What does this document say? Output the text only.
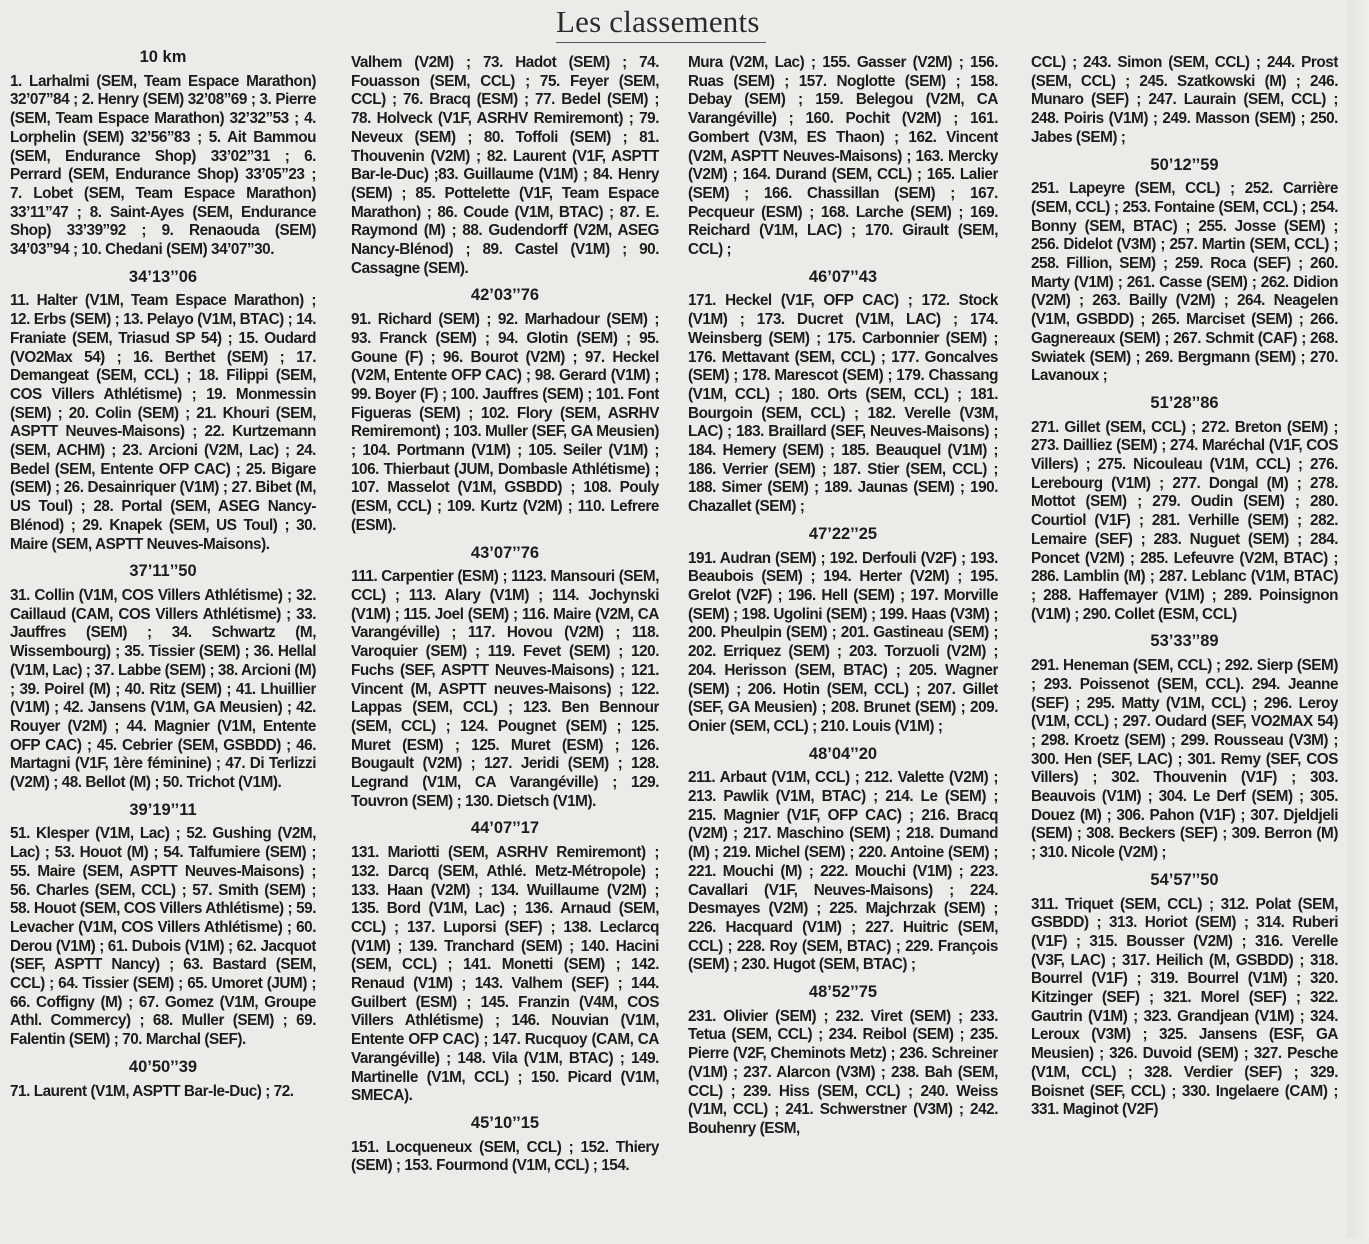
Les classements
10 km

1. Larhalmi (SEM, Team Espace Marathon) 32’07’’84 ; 2. Henry (SEM) 32’08’’69 ; 3. Pierre (SEM, Team Espace Marathon) 32’32’’53 ; 4. Lorphelin (SEM) 32’56’’83 ; 5. Ait Bammou (SEM, Endurance Shop) 33’02’’31 ; 6. Perrard (SEM, Endurance Shop) 33’05’’23 ; 7. Lobet (SEM, Team Espace Marathon) 33’11’’47 ; 8. Saint-Ayes (SEM, Endurance Shop) 33’39’’92 ; 9. Renaouda (SEM) 34’03’’94 ; 10. Chedani (SEM) 34’07’’30.

34’13’’06

11. Halter (V1M, Team Espace Marathon) ; 12. Erbs (SEM) ; 13. Pelayo (V1M, BTAC) ; 14. Franiate (SEM, Triasud SP 54) ; 15. Oudard (VO2Max 54) ; 16. Berthet (SEM) ; 17. Demangeat (SEM, CCL) ; 18. Filippi (SEM, COS Villers Athlétisme) ; 19. Monmessin (SEM) ; 20. Colin (SEM) ; 21. Khouri (SEM, ASPTT Neuves-Maisons) ; 22. Kurtzemann (SEM, ACHM) ; 23. Arcioni (V2M, Lac) ; 24. Bedel (SEM, Entente OFP CAC) ; 25. Bigare (SEM) ; 26. Desainriquer (V1M) ; 27. Bibet (M, US Toul) ; 28. Portal (SEM, ASEG Nancy-Blénod) ; 29. Knapek (SEM, US Toul) ; 30. Maire (SEM, ASPTT Neuves-Maisons).

37’11’’50

31. Collin (V1M, COS Villers Athlétisme) ; 32. Caillaud (CAM, COS Villers Athlétisme) ; 33. Jauffres (SEM) ; 34. Schwartz (M, Wissembourg) ; 35. Tissier (SEM) ; 36. Hellal (V1M, Lac) ; 37. Labbe (SEM) ; 38. Arcioni (M) ; 39. Poirel (M) ; 40. Ritz (SEM) ; 41. Lhuillier (V1M) ; 42. Jansens (V1M, GA Meusien) ; 42. Rouyer (V2M) ; 44. Magnier (V1M, Entente OFP CAC) ; 45. Cebrier (SEM, GSBDD) ; 46. Martagni (V1F, 1ère féminine) ; 47. Di Terlizzi (V2M) ; 48. Bellot (M) ; 50. Trichot (V1M).

39’19’’11

51. Klesper (V1M, Lac) ; 52. Gushing (V2M, Lac) ; 53. Houot (M) ; 54. Talfumiere (SEM) ; 55. Maire (SEM, ASPTT Neuves-Maisons) ; 56. Charles (SEM, CCL) ; 57. Smith (SEM) ; 58. Houot (SEM, COS Villers Athlétisme) ; 59. Levacher (V1M, COS Villers Athlétisme) ; 60. Derou (V1M) ; 61. Dubois (V1M) ; 62. Jacquot (SEF, ASPTT Nancy) ; 63. Bastard (SEM, CCL) ; 64. Tissier (SEM) ; 65. Umoret (JUM) ; 66. Coffigny (M) ; 67. Gomez (V1M, Groupe Athl. Commercy) ; 68. Muller (SEM) ; 69. Falentin (SEM) ; 70. Marchal (SEF).

40’50’’39

71. Laurent (V1M, ASPTT Bar-le-Duc) ; 72.

Valhem (V2M) ; 73. Hadot (SEM) ; 74. Fouasson (SEM, CCL) ; 75. Feyer (SEM, CCL) ; 76. Bracq (ESM) ; 77. Bedel (SEM) ; 78. Holveck (V1F, ASRHV Remiremont) ; 79. Neveux (SEM) ; 80. Toffoli (SEM) ; 81. Thouvenin (V2M) ; 82. Laurent (V1F, ASPTT Bar-le-Duc) ;83. Guillaume (V1M) ; 84. Henry (SEM) ; 85. Pottelette (V1F, Team Espace Marathon) ; 86. Coude (V1M, BTAC) ; 87. E. Raymond (M) ; 88. Gudendorff (V2M, ASEG Nancy-Blénod) ; 89. Castel (V1M) ; 90. Cassagne (SEM).

42’03’’76

91. Richard (SEM) ; 92. Marhadour (SEM) ; 93. Franck (SEM) ; 94. Glotin (SEM) ; 95. Goune (F) ; 96. Bourot (V2M) ; 97. Heckel (V2M, Entente OFP CAC) ; 98. Gerard (V1M) ; 99. Boyer (F) ; 100. Jauffres (SEM) ; 101. Font Figueras (SEM) ; 102. Flory (SEM, ASRHV Remiremont) ; 103. Muller (SEF, GA Meusien) ; 104. Portmann (V1M) ; 105. Seiler (V1M) ; 106. Thierbaut (JUM, Dombasle Athlétisme) ; 107. Masselot (V1M, GSBDD) ; 108. Pouly (ESM, CCL) ; 109. Kurtz (V2M) ; 110. Lefrere (ESM).

43’07’’76

111. Carpentier (ESM) ; 1123. Mansouri (SEM, CCL) ; 113. Alary (V1M) ; 114. Jochynski (V1M) ; 115. Joel (SEM) ; 116. Maire (V2M, CA Varangéville) ; 117. Hovou (V2M) ; 118. Varoquier (SEM) ; 119. Fevet (SEM) ; 120. Fuchs (SEF, ASPTT Neuves-Maisons) ; 121. Vincent (M, ASPTT neuves-Maisons) ; 122. Lappas (SEM, CCL) ; 123. Ben Bennour (SEM, CCL) ; 124. Pougnet (SEM) ; 125. Muret (ESM) ; 125. Muret (ESM) ; 126. Bougault (V2M) ; 127. Jeridi (SEM) ; 128. Legrand (V1M, CA Varangéville) ; 129. Touvron (SEM) ; 130. Dietsch (V1M).

44’07’’17

131. Mariotti (SEM, ASRHV Remiremont) ; 132. Darcq (SEM, Athlé. Metz-Métropole) ; 133. Haan (V2M) ; 134. Wuillaume (V2M) ; 135. Bord (V1M, Lac) ; 136. Arnaud (SEM, CCL) ; 137. Luporsi (SEF) ; 138. Leclarcq (V1M) ; 139. Tranchard (SEM) ; 140. Hacini (SEM, CCL) ; 141. Monetti (SEM) ; 142. Renaud (V1M) ; 143. Valhem (SEF) ; 144. Guilbert (ESM) ; 145. Franzin (V4M, COS Villers Athlétisme) ; 146. Nouvian (V1M, Entente OFP CAC) ; 147. Rucquoy (CAM, CA Varangéville) ; 148. Vila (V1M, BTAC) ; 149. Martinelle (V1M, CCL) ; 150. Picard (V1M, SMECA).

45’10’’15

151. Locqueneux (SEM, CCL) ; 152. Thiery (SEM) ; 153. Fourmond (V1M, CCL) ; 154.

Mura (V2M, Lac) ; 155. Gasser (V2M) ; 156. Ruas (SEM) ; 157. Noglotte (SEM) ; 158. Debay (SEM) ; 159. Belegou (V2M, CA Varangéville) ; 160. Pochit (V2M) ; 161. Gombert (V3M, ES Thaon) ; 162. Vincent (V2M, ASPTT Neuves-Maisons) ; 163. Mercky (V2M) ; 164. Durand (SEM, CCL) ; 165. Lalier (SEM) ; 166. Chassillan (SEM) ; 167. Pecqueur (ESM) ; 168. Larche (SEM) ; 169. Reichard (V1M, LAC) ; 170. Girault (SEM, CCL) ;

46’07’’43

171. Heckel (V1F, OFP CAC) ; 172. Stock (V1M) ; 173. Ducret (V1M, LAC) ; 174. Weinsberg (SEM) ; 175. Carbonnier (SEM) ; 176. Mettavant (SEM, CCL) ; 177. Goncalves (SEM) ; 178. Marescot (SEM) ; 179. Chassang (V1M, CCL) ; 180. Orts (SEM, CCL) ; 181. Bourgoin (SEM, CCL) ; 182. Verelle (V3M, LAC) ; 183. Braillard (SEF, Neuves-Maisons) ; 184. Hemery (SEM) ; 185. Beauquel (V1M) ; 186. Verrier (SEM) ; 187. Stier (SEM, CCL) ; 188. Simer (SEM) ; 189. Jaunas (SEM) ; 190. Chazallet (SEM) ;

47’22’’25

191. Audran (SEM) ; 192. Derfouli (V2F) ; 193. Beaubois (SEM) ; 194. Herter (V2M) ; 195. Grelot (V2F) ; 196. Hell (SEM) ; 197. Morville (SEM) ; 198. Ugolini (SEM) ; 199. Haas (V3M) ; 200. Pheulpin (SEM) ; 201. Gastineau (SEM) ; 202. Erriquez (SEM) ; 203. Torzuoli (V2M) ; 204. Herisson (SEM, BTAC) ; 205. Wagner (SEM) ; 206. Hotin (SEM, CCL) ; 207. Gillet (SEF, GA Meusien) ; 208. Brunet (SEM) ; 209. Onier (SEM, CCL) ; 210. Louis (V1M) ;

48’04’’20

211. Arbaut (V1M, CCL) ; 212. Valette (V2M) ; 213. Pawlik (V1M, BTAC) ; 214. Le (SEM) ; 215. Magnier (V1F, OFP CAC) ; 216. Bracq (V2M) ; 217. Maschino (SEM) ; 218. Dumand (M) ; 219. Michel (SEM) ; 220. Antoine (SEM) ; 221. Mouchi (M) ; 222. Mouchi (V1M) ; 223. Cavallari (V1F, Neuves-Maisons) ; 224. Desmayes (V2M) ; 225. Majchrzak (SEM) ; 226. Hacquard (V1M) ; 227. Huitric (SEM, CCL) ; 228. Roy (SEM, BTAC) ; 229. François (SEM) ; 230. Hugot (SEM, BTAC) ;

48’52’’75

231. Olivier (SEM) ; 232. Viret (SEM) ; 233. Tetua (SEM, CCL) ; 234. Reibol (SEM) ; 235. Pierre (V2F, Cheminots Metz) ; 236. Schreiner (V1M) ; 237. Alarcon (V3M) ; 238. Bah (SEM, CCL) ; 239. Hiss (SEM, CCL) ; 240. Weiss (V1M, CCL) ; 241. Schwerstner (V3M) ; 242. Bouhenry (ESM,

CCL) ; 243. Simon (SEM, CCL) ; 244. Prost (SEM, CCL) ; 245. Szatkowski (M) ; 246. Munaro (SEF) ; 247. Laurain (SEM, CCL) ; 248. Poiris (V1M) ; 249. Masson (SEM) ; 250. Jabes (SEM) ;

50’12’’59

251. Lapeyre (SEM, CCL) ; 252. Carrière (SEM, CCL) ; 253. Fontaine (SEM, CCL) ; 254. Bonny (SEM, BTAC) ; 255. Josse (SEM) ; 256. Didelot (V3M) ; 257. Martin (SEM, CCL) ; 258. Fillion, SEM) ; 259. Roca (SEF) ; 260. Marty (V1M) ; 261. Casse (SEM) ; 262. Didion (V2M) ; 263. Bailly (V2M) ; 264. Neagelen (V1M, GSBDD) ; 265. Marciset (SEM) ; 266. Gagnereaux (SEM) ; 267. Schmit (CAF) ; 268. Swiatek (SEM) ; 269. Bergmann (SEM) ; 270. Lavanoux ;

51’28’’86

271. Gillet (SEM, CCL) ; 272. Breton (SEM) ; 273. Dailliez (SEM) ; 274. Maréchal (V1F, COS Villers) ; 275. Nicouleau (V1M, CCL) ; 276. Lerebourg (V1M) ; 277. Dongal (M) ; 278. Mottot (SEM) ; 279. Oudin (SEM) ; 280. Courtiol (V1F) ; 281. Verhille (SEM) ; 282. Lemaire (SEF) ; 283. Nuguet (SEM) ; 284. Poncet (V2M) ; 285. Lefeuvre (V2M, BTAC) ; 286. Lamblin (M) ; 287. Leblanc (V1M, BTAC) ; 288. Haffemayer (V1M) ; 289. Poinsignon (V1M) ; 290. Collet (ESM, CCL)

53’33’’89

291. Heneman (SEM, CCL) ; 292. Sierp (SEM) ; 293. Poissenot (SEM, CCL). 294. Jeanne (SEF) ; 295. Matty (V1M, CCL) ; 296. Leroy (V1M, CCL) ; 297. Oudard (SEF, VO2MAX 54) ; 298. Kroetz (SEM) ; 299. Rousseau (V3M) ; 300. Hen (SEF, LAC) ; 301. Remy (SEF, COS Villers) ; 302. Thouvenin (V1F) ; 303. Beauvois (V1M) ; 304. Le Derf (SEM) ; 305. Douez (M) ; 306. Pahon (V1F) ; 307. Djeldjeli (SEM) ; 308. Beckers (SEF) ; 309. Berron (M) ; 310. Nicole (V2M) ;

54’57’’50

311. Triquet (SEM, CCL) ; 312. Polat (SEM, GSBDD) ; 313. Horiot (SEM) ; 314. Ruberi (V1F) ; 315. Bousser (V2M) ; 316. Verelle (V3F, LAC) ; 317. Heilich (M, GSBDD) ; 318. Bourrel (V1F) ; 319. Bourrel (V1M) ; 320. Kitzinger (SEF) ; 321. Morel (SEF) ; 322. Gautrin (V1M) ; 323. Grandjean (V1M) ; 324. Leroux (V3M) ; 325. Jansens (ESF, GA Meusien) ; 326. Duvoid (SEM) ; 327. Pesche (V1M, CCL) ; 328. Verdier (SEF) ; 329. Boisnet (SEF, CCL) ; 330. Ingelaere (CAM) ; 331. Maginot (V2F)
